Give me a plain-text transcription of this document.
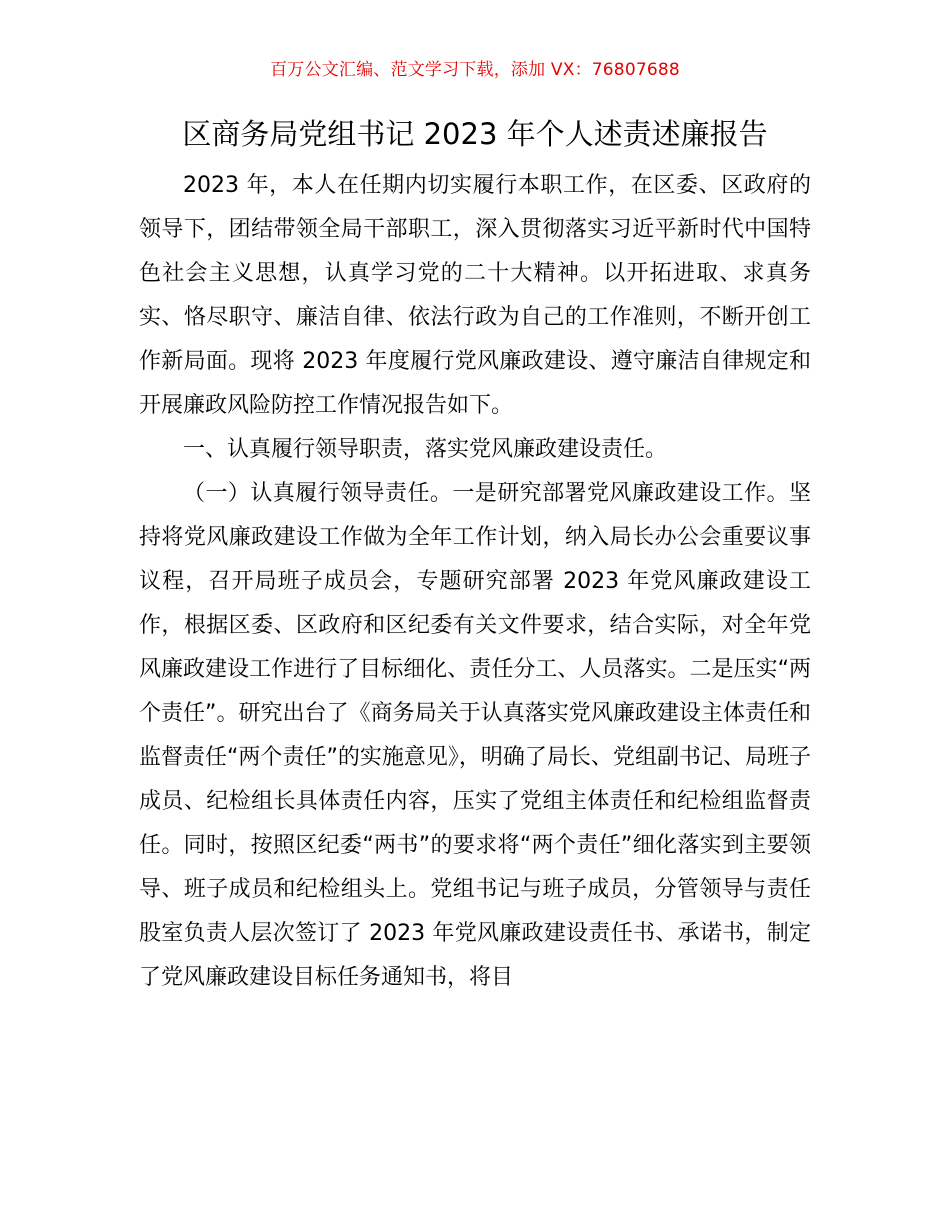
百万公文汇编、范文学习下载，添加 VX：76807688
区商务局党组书记 2023 年个人述责述廉报告

2023 年，本人在任期内切实履行本职工作，在区委、区政府的领导下，团结带领全局干部职工，深入贯彻落实习近平新时代中国特色社会主义思想，认真学习党的二十大精神。以开拓进取、求真务实、恪尽职守、廉洁自律、依法行政为自己的工作准则，不断开创工作新局面。现将 2023 年度履行党风廉政建设、遵守廉洁自律规定和开展廉政风险防控工作情况报告如下。

一、认真履行领导职责，落实党风廉政建设责任。

（一）认真履行领导责任。一是研究部署党风廉政建设工作。坚持将党风廉政建设工作做为全年工作计划，纳入局长办公会重要议事议程，召开局班子成员会，专题研究部署 2023 年党风廉政建设工作，根据区委、区政府和区纪委有关文件要求，结合实际，对全年党风廉政建设工作进行了目标细化、责任分工、人员落实。二是压实“两个责任”。研究出台了《商务局关于认真落实党风廉政建设主体责任和监督责任“两个责任”的实施意见》，明确了局长、党组副书记、局班子成员、纪检组长具体责任内容，压实了党组主体责任和纪检组监督责任。同时，按照区纪委“两书”的要求将“两个责任”细化落实到主要领导、班子成员和纪检组头上。党组书记与班子成员，分管领导与责任股室负责人层次签订了 2023 年党风廉政建设责任书、承诺书，制定了党风廉政建设目标任务通知书，将目
